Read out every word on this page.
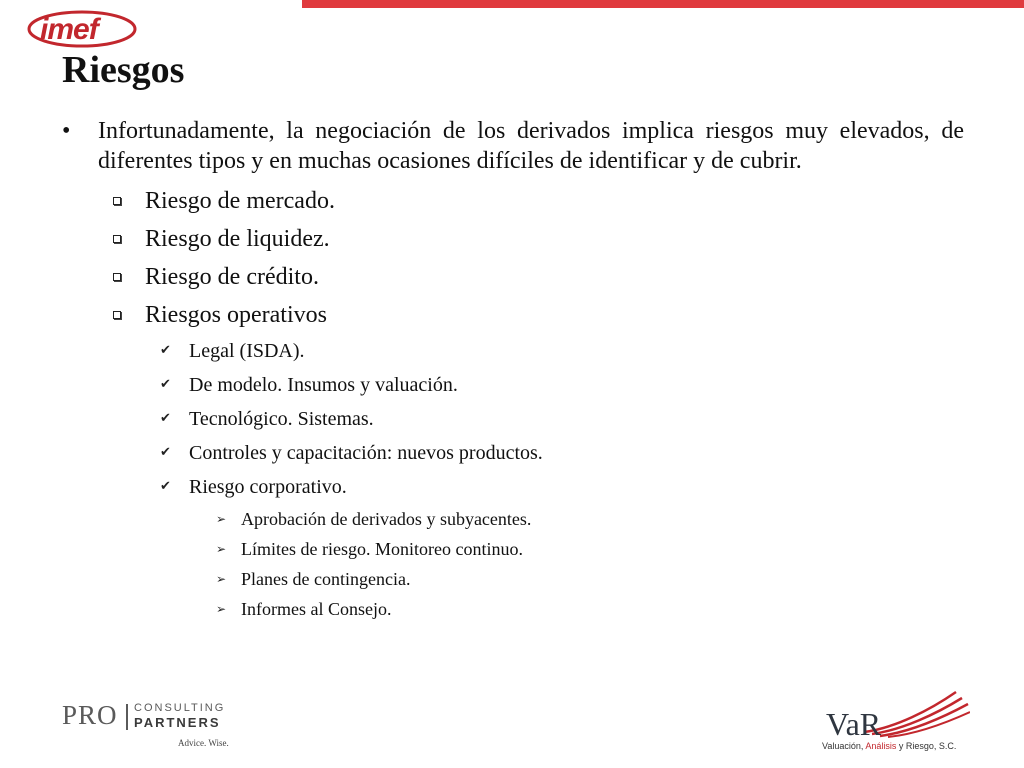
imef
Riesgos
• Infortunadamente, la negociación de los derivados implica riesgos muy elevados, de diferentes tipos y en muchas ocasiones difíciles de identificar y de cubrir.
Riesgo de mercado.
Riesgo de liquidez.
Riesgo de crédito.
Riesgos operativos
✔ Legal (ISDA).
✔ De modelo. Insumos y valuación.
✔ Tecnológico. Sistemas.
✔ Controles y capacitación: nuevos productos.
✔ Riesgo corporativo.
➢ Aprobación de derivados y subyacentes.
➢ Límites de riesgo. Monitoreo continuo.
➢ Planes de contingencia.
➢ Informes al Consejo.
PRO CONSULTING
PARTNERS
Advice. Wise.
VaR
Valuación, Análisis y Riesgo, S.C.
